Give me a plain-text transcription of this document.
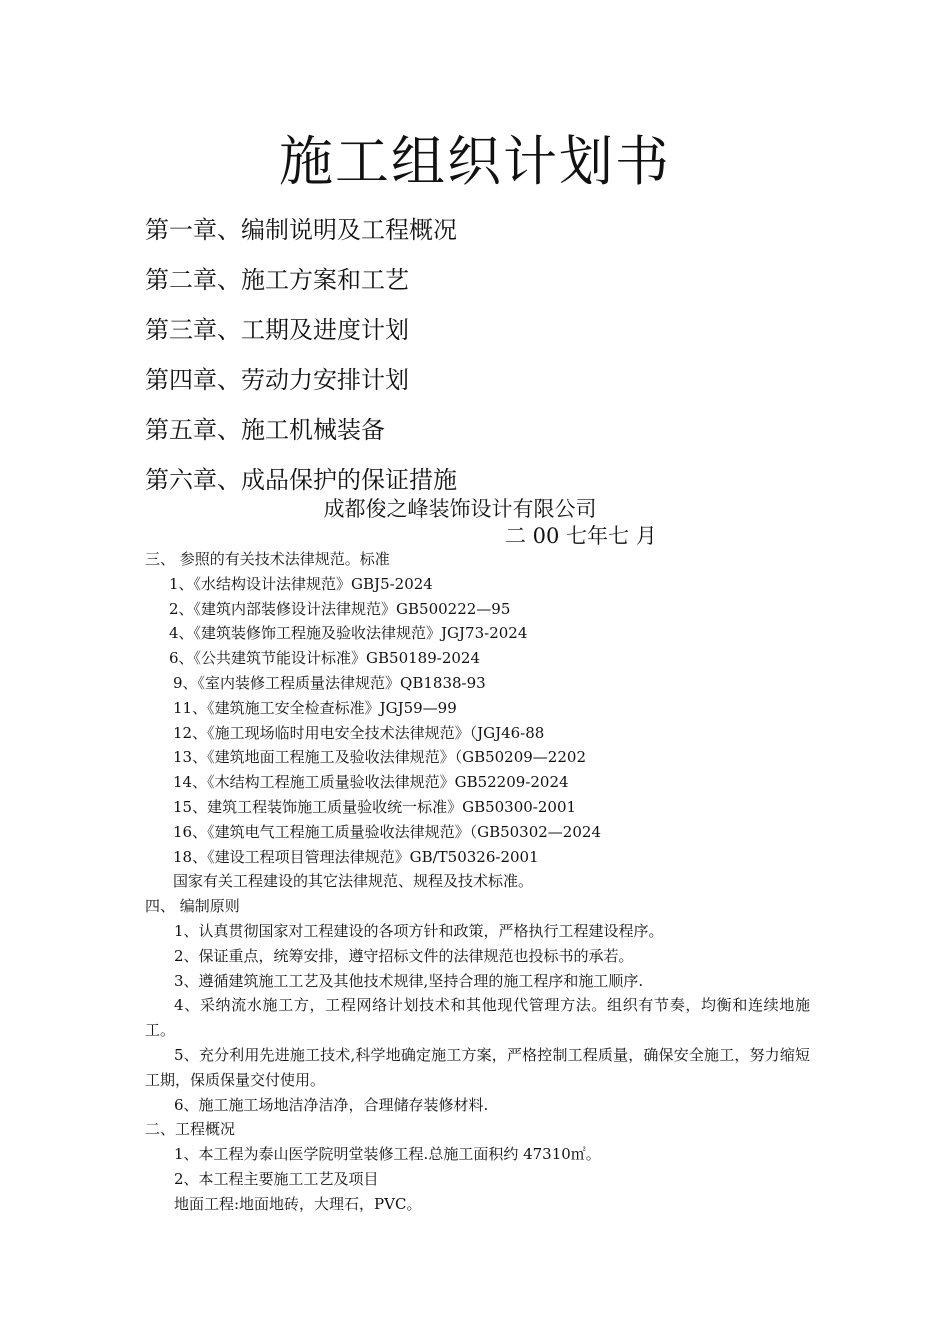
施工组织计划书
第一章、编制说明及工程概况
第二章、施工方案和工艺
第三章、工期及进度计划
第四章、劳动力安排计划
第五章、施工机械装备
第六章、成品保护的保证措施
成都俊之峰装饰设计有限公司
二 00 七年七 月
三、 参照的有关技术法律规范。标准
1、《水结构设计法律规范》GBJ5-2024
2、《建筑内部装修设计法律规范》GB500222—95
4、《建筑装修饰工程施及验收法律规范》JGJ73-2024
6、《公共建筑节能设计标准》GB50189-2024
9、《室内装修工程质量法律规范》QB1838-93
11、《建筑施工安全检查标准》JGJ59—99
12、《施工现场临时用电安全技术法律规范》（JGJ46-88
13、《建筑地面工程施工及验收法律规范》（GB50209—2202
14、《木结构工程施工质量验收法律规范》GB52209-2024
15、建筑工程装饰施工质量验收统一标准》GB50300-2001
16、《建筑电气工程施工质量验收法律规范》（GB50302—2024
18、《建设工程项目管理法律规范》GB/T50326-2001
国家有关工程建设的其它法律规范、规程及技术标准。
四、 编制原则
1、认真贯彻国家对工程建设的各项方针和政策，严格执行工程建设程序。
2、保证重点，统筹安排，遵守招标文件的法律规范也投标书的承若。
3、遵循建筑施工工艺及其他技术规律,坚持合理的施工程序和施工顺序.
4、采纳流水施工方，工程网络计划技术和其他现代管理方法。组织有节奏，均衡和连续地施工。
5、充分利用先进施工技术,科学地确定施工方案，严格控制工程质量，确保安全施工，努力缩短工期，保质保量交付使用。
6、施工施工场地洁净洁净，合理储存装修材料.
二、工程概况
1、本工程为泰山医学院明堂装修工程.总施工面积约 47310㎡。
2、本工程主要施工工艺及项目
地面工程:地面地砖，大理石，PVC。
